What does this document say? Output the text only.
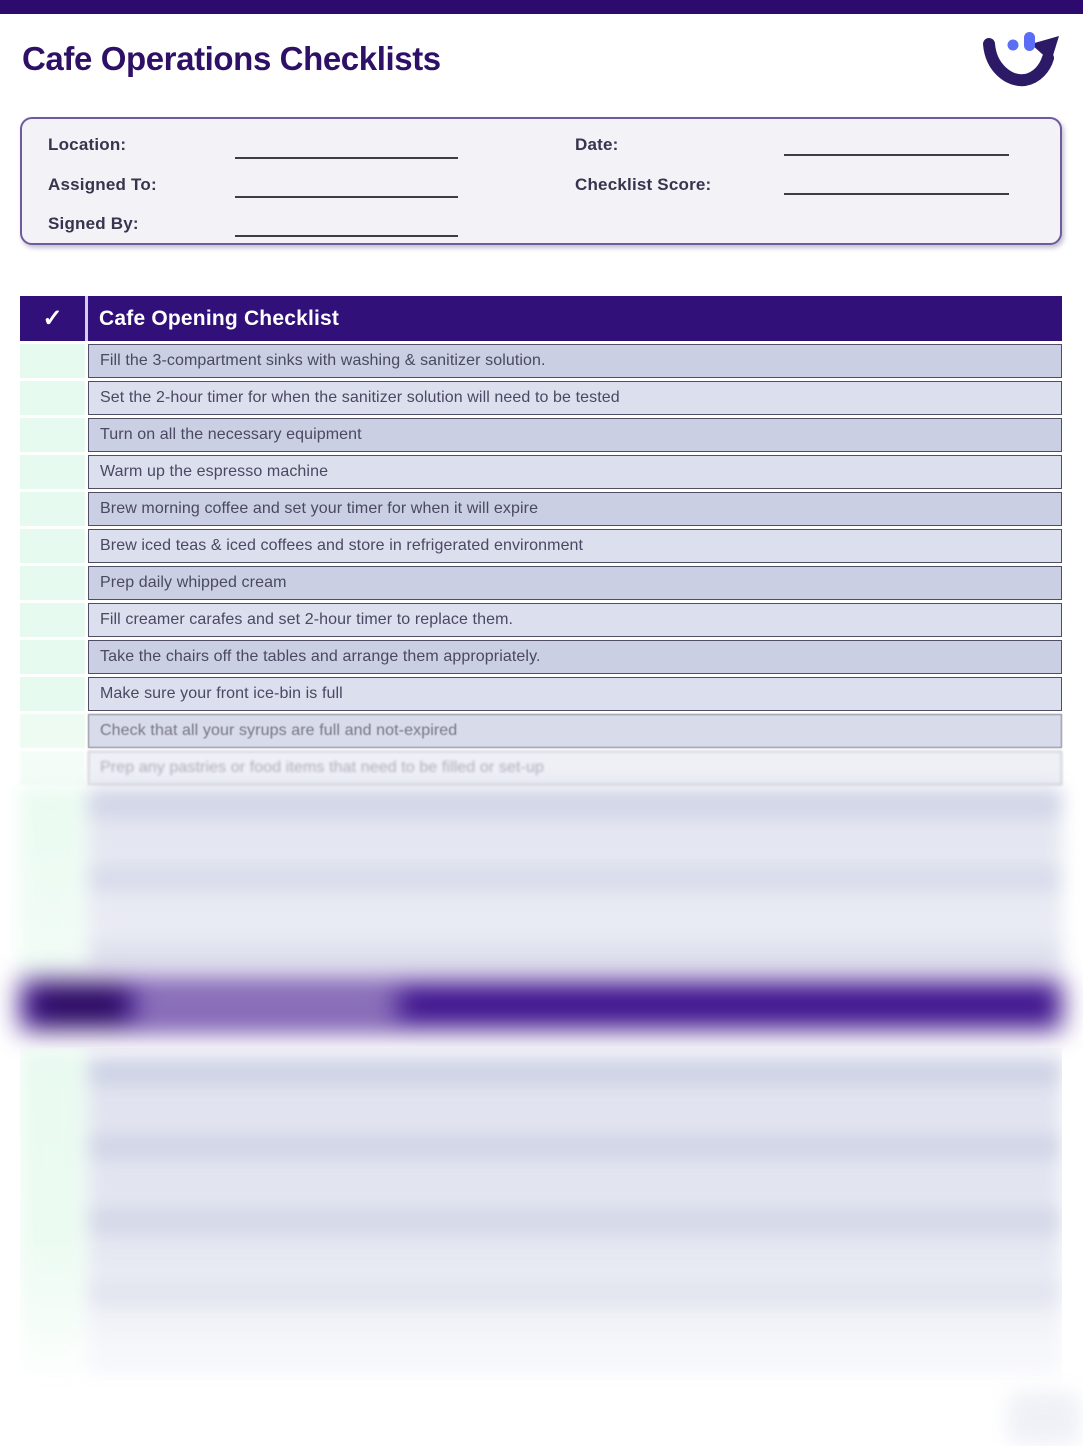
Cafe Operations Checklists
Location:
Assigned To:
Signed By:
Date:
Checklist Score:
✓	Cafe Opening Checklist
Fill the 3-compartment sinks with washing & sanitizer solution.
Set the 2-hour timer for when the sanitizer solution will need to be tested
Turn on all the necessary equipment
Warm up the espresso machine
Brew morning coffee and set your timer for when it will expire
Brew iced teas & iced coffees and store in refrigerated environment
Prep daily whipped cream
Fill creamer carafes and set 2-hour timer to replace them.
Take the chairs off the tables and arrange them appropriately.
Make sure your front ice-bin is full
Check that all your syrups are full and not-expired
Prep any pastries or food items that need to be filled or set-up
